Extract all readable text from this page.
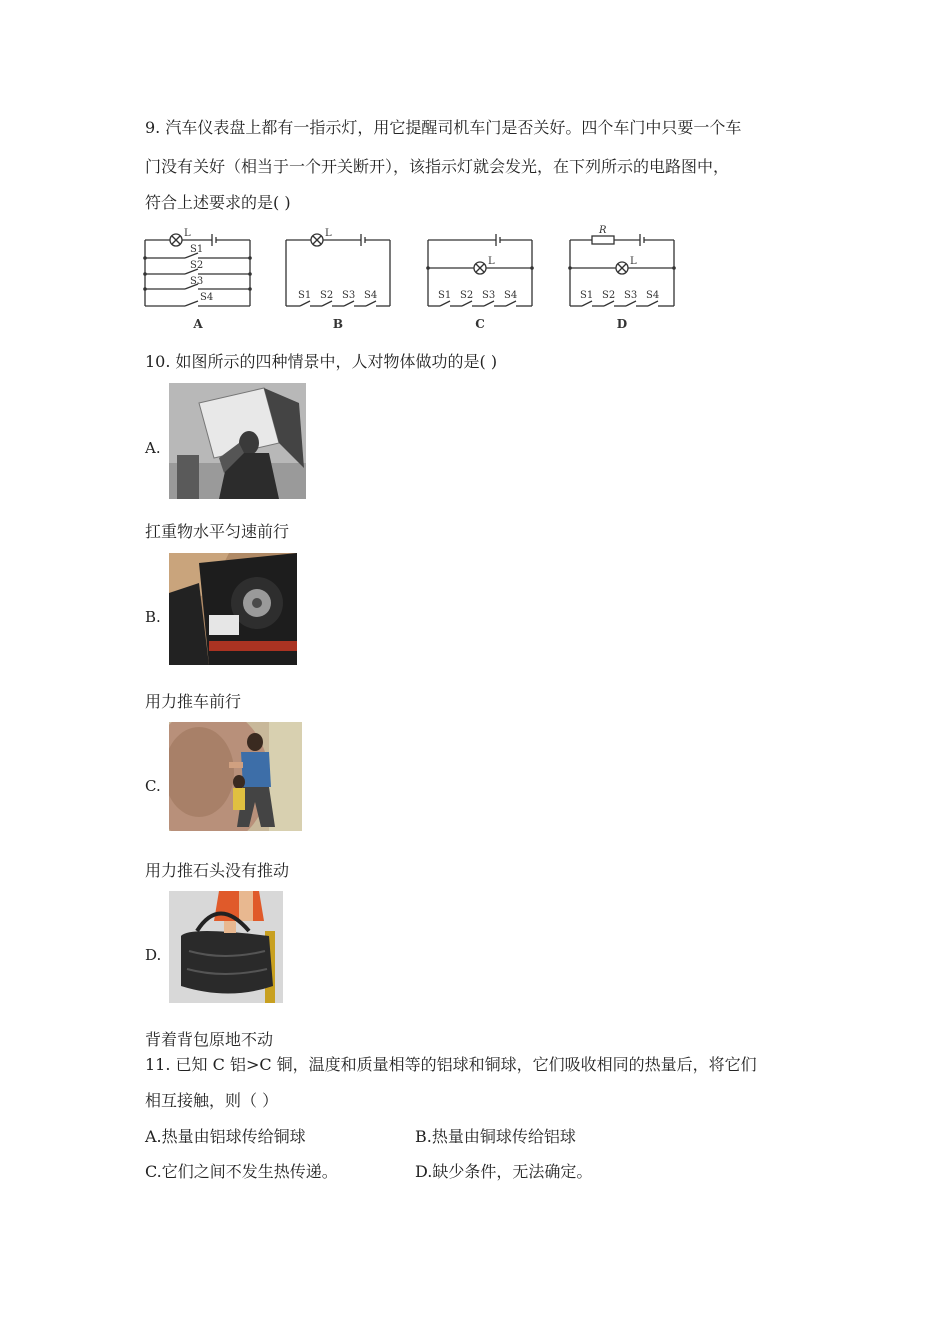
9. 汽车仪表盘上都有一指示灯，用它提醒司机车门是否关好。四个车门中只要一个车
门没有关好（相当于一个开关断开），该指示灯就会发光，在下列所示的电路图中，
符合上述要求的是( )
L
S1
S2
S3
S4
A
L
S1 S2 S3 S4
B
L
S1 S2 S3 S4
C
R
L
S1 S2 S3 S4
D
10. 如图所示的四种情景中，人对物体做功的是( )
A.
扛重物水平匀速前行
B.
用力推车前行
C.
用力推石头没有推动
D.
背着背包原地不动
11. 已知 C 铝>C 铜，温度和质量相等的铝球和铜球，它们吸收相同的热量后，将它们
相互接触，则（ ）
A.热量由铝球传给铜球	B.热量由铜球传给铝球
C.它们之间不发生热传递。	D.缺少条件，无法确定。
